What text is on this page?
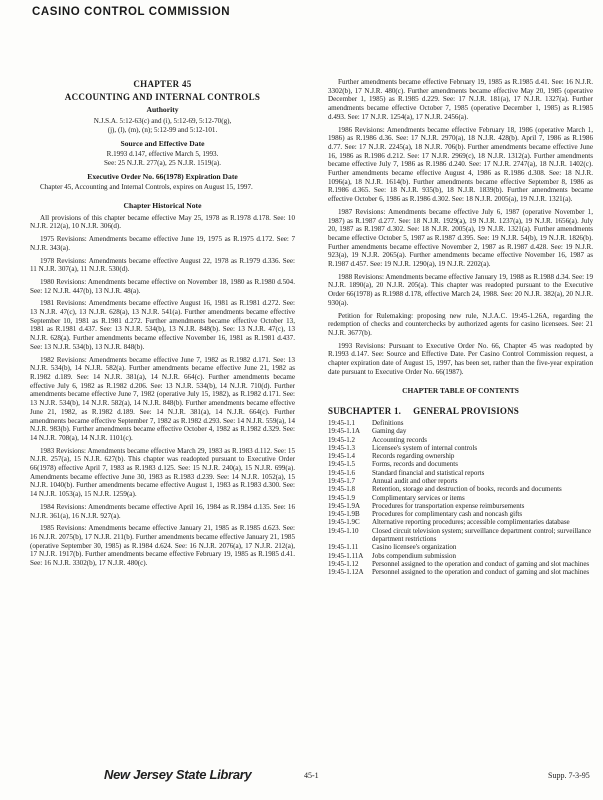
CASINO CONTROL COMMISSION
CHAPTER 45
ACCOUNTING AND INTERNAL CONTROLS
Authority
N.J.S.A. 5:12-63(c) and (i), 5:12-69, 5:12-70(g),
(j), (l), (m), (n); 5:12-99 and 5:12-101.
Source and Effective Date
R.1993 d.147, effective March 5, 1993.
See: 25 N.J.R. 277(a), 25 N.J.R. 1519(a).
Executive Order No. 66(1978) Expiration Date

Chapter 45, Accounting and Internal Controls, expires on August 15, 1997.

Chapter Historical Note

All provisions of this chapter became effective May 25, 1978 as R.1978 d.178. See: 10 N.J.R. 212(a), 10 N.J.R. 306(d).

1975 Revisions: Amendments became effective June 19, 1975 as R.1975 d.172. See: 7 N.J.R. 343(a).

1978 Revisions: Amendments became effective August 22, 1978 as R.1979 d.336. See: 11 N.J.R. 307(a), 11 N.J.R. 530(d).

1980 Revisions: Amendments became effective on November 18, 1980 as R.1980 d.504. See: 12 N.J.R. 447(b), 13 N.J.R. 48(a).

1981 Revisions: Amendments became effective August 16, 1981 as R.1981 d.272. See: 13 N.J.R. 47(c), 13 N.J.R. 628(a), 13 N.J.R. 541(a). Further amendments became effective September 10, 1981 as R.1981 d.272. Further amendments became effective October 13, 1981 as R.1981 d.437. See: 13 N.J.R. 534(b), 13 N.J.R. 848(b). See: 13 N.J.R. 47(c), 13 N.J.R. 628(a). Further amendments became effective November 16, 1981 as R.1981 d.437. See: 13 N.J.R. 534(b), 13 N.J.R. 848(b).

1982 Revisions: Amendments became effective June 7, 1982 as R.1982 d.171. See: 13 N.J.R. 534(b), 14 N.J.R. 582(a). Further amendments became effective June 21, 1982 as R.1982 d.189. See: 14 N.J.R. 381(a), 14 N.J.R. 664(c). Further amendments became effective July 6, 1982 as R.1982 d.206. See: 13 N.J.R. 534(b), 14 N.J.R. 710(d). Further amendments became effective June 7, 1982 (operative July 15, 1982), as R.1982 d.171. See: 13 N.J.R. 534(b), 14 N.J.R. 582(a), 14 N.J.R. 848(b). Further amendments became effective June 21, 1982, as R.1982 d.189. See: 14 N.J.R. 381(a), 14 N.J.R. 664(c). Further amendments became effective September 7, 1982 as R.1982 d.293. See: 14 N.J.R. 559(a), 14 N.J.R. 983(b). Further amendments became effective October 4, 1982 as R.1982 d.329. See: 14 N.J.R. 708(a), 14 N.J.R. 1101(c).

1983 Revisions: Amendments became effective March 29, 1983 as R.1983 d.112. See: 15 N.J.R. 257(a), 15 N.J.R. 627(b). This chapter was readopted pursuant to Executive Order 66(1978) effective April 7, 1983 as R.1983 d.125. See: 15 N.J.R. 240(a), 15 N.J.R. 699(a). Amendments became effective June 30, 1983 as R.1983 d.239. See: 14 N.J.R. 1052(a), 15 N.J.R. 1040(b). Further amendments became effective August 1, 1983 as R.1983 d.300. See: 14 N.J.R. 1053(a), 15 N.J.R. 1259(a).

1984 Revisions: Amendments became effective April 16, 1984 as R.1984 d.135. See: 16 N.J.R. 361(a), 16 N.J.R. 927(a).

1985 Revisions: Amendments became effective January 21, 1985 as R.1985 d.623. See: 16 N.J.R. 2075(b), 17 N.J.R. 211(b). Further amendments became effective January 21, 1985 (operative September 30, 1985) as R.1984 d.624. See: 16 N.J.R. 2076(a), 17 N.J.R. 212(a), 17 N.J.R. 1917(b). Further amendments became effective February 19, 1985 as R.1985 d.41. See: 16 N.J.R. 3302(b), 17 N.J.R. 480(c).

Further amendments became effective February 19, 1985 as R.1985 d.41. See: 16 N.J.R. 3302(b), 17 N.J.R. 480(c). Further amendments became effective May 20, 1985 (operative December 1, 1985) as R.1985 d.229. See: 17 N.J.R. 181(a), 17 N.J.R. 1327(a). Further amendments became effective October 7, 1985 (operative December 1, 1985) as R.1985 d.493. See: 17 N.J.R. 1254(a), 17 N.J.R. 2456(a).

1986 Revisions: Amendments became effective February 18, 1986 (operative March 1, 1986) as R.1986 d.36. See: 17 N.J.R. 2970(a), 18 N.J.R. 428(b). April 7, 1986 as R.1986 d.77. See: 17 N.J.R. 2245(a), 18 N.J.R. 706(b). Further amendments became effective June 16, 1986 as R.1986 d.212. See: 17 N.J.R. 2969(c), 18 N.J.R. 1312(a). Further amendments became effective July 7, 1986 as R.1986 d.240. See: 17 N.J.R. 2747(a), 18 N.J.R. 1402(c). Further amendments became effective August 4, 1986 as R.1986 d.308. See: 18 N.J.R. 1096(a), 18 N.J.R. 1614(b). Further amendments became effective September 8, 1986 as R.1986 d.365. See: 18 N.J.R. 935(b), 18 N.J.R. 1839(b). Further amendments became effective October 6, 1986 as R.1986 d.302. See: 18 N.J.R. 2005(a), 19 N.J.R. 1321(a).

1987 Revisions: Amendments became effective July 6, 1987 (operative November 1, 1987) as R.1987 d.277. See: 18 N.J.R. 1929(a), 19 N.J.R. 1237(a), 19 N.J.R. 1656(a). July 20, 1987 as R.1987 d.302. See: 18 N.J.R. 2005(a), 19 N.J.R. 1321(a). Further amendments became effective October 5, 1987 as R.1987 d.395. See: 19 N.J.R. 54(b), 19 N.J.R. 1826(b). Further amendments became effective November 2, 1987 as R.1987 d.428. See: 19 N.J.R. 923(a), 19 N.J.R. 2065(a). Further amendments became effective November 16, 1987 as R.1987 d.457. See: 19 N.J.R. 1290(a), 19 N.J.R. 2202(a).

1988 Revisions: Amendments became effective January 19, 1988 as R.1988 d.34. See: 19 N.J.R. 1890(a), 20 N.J.R. 205(a). This chapter was readopted pursuant to the Executive Order 66(1978) as R.1988 d.178, effective March 24, 1988. See: 20 N.J.R. 382(a), 20 N.J.R. 930(a).

Petition for Rulemaking: proposing new rule, N.J.A.C. 19:45-1.26A, regarding the redemption of checks and counterchecks by authorized agents for casino licensees. See: 21 N.J.R. 3677(b).

1993 Revisions: Pursuant to Executive Order No. 66, Chapter 45 was readopted by R.1993 d.147. See: Source and Effective Date. Per Casino Control Commission request, a chapter expiration date of August 15, 1997, has been set, rather than the five-year expiration date pursuant to Executive Order No. 66(1987).

CHAPTER TABLE OF CONTENTS
SUBCHAPTER 1. GENERAL PROVISIONS
19:45-1.1	Definitions
19:45-1.1A	Gaming day
19:45-1.2	Accounting records
19:45-1.3	Licensee's system of internal controls
19:45-1.4	Records regarding ownership
19:45-1.5	Forms, records and documents
19:45-1.6	Standard financial and statistical reports
19:45-1.7	Annual audit and other reports
19:45-1.8	Retention, storage and destruction of books, records and documents
19:45-1.9	Complimentary services or items
19:45-1.9A	Procedures for transportation expense reimbursements
19:45-1.9B	Procedures for complimentary cash and noncash gifts
19:45-1.9C	Alternative reporting procedures; accessible complimentaries database
19:45-1.10	Closed circuit television system; surveillance department control; surveillance department restrictions
19:45-1.11	Casino licensee's organization
19:45-1.11A	Jobs compendium submission
19:45-1.12	Personnel assigned to the operation and conduct of gaming and slot machines
19:45-1.12A	Personnel assigned to the operation and conduct of gaming and slot machines
New Jersey State Library	45-1	Supp. 7-3-95
